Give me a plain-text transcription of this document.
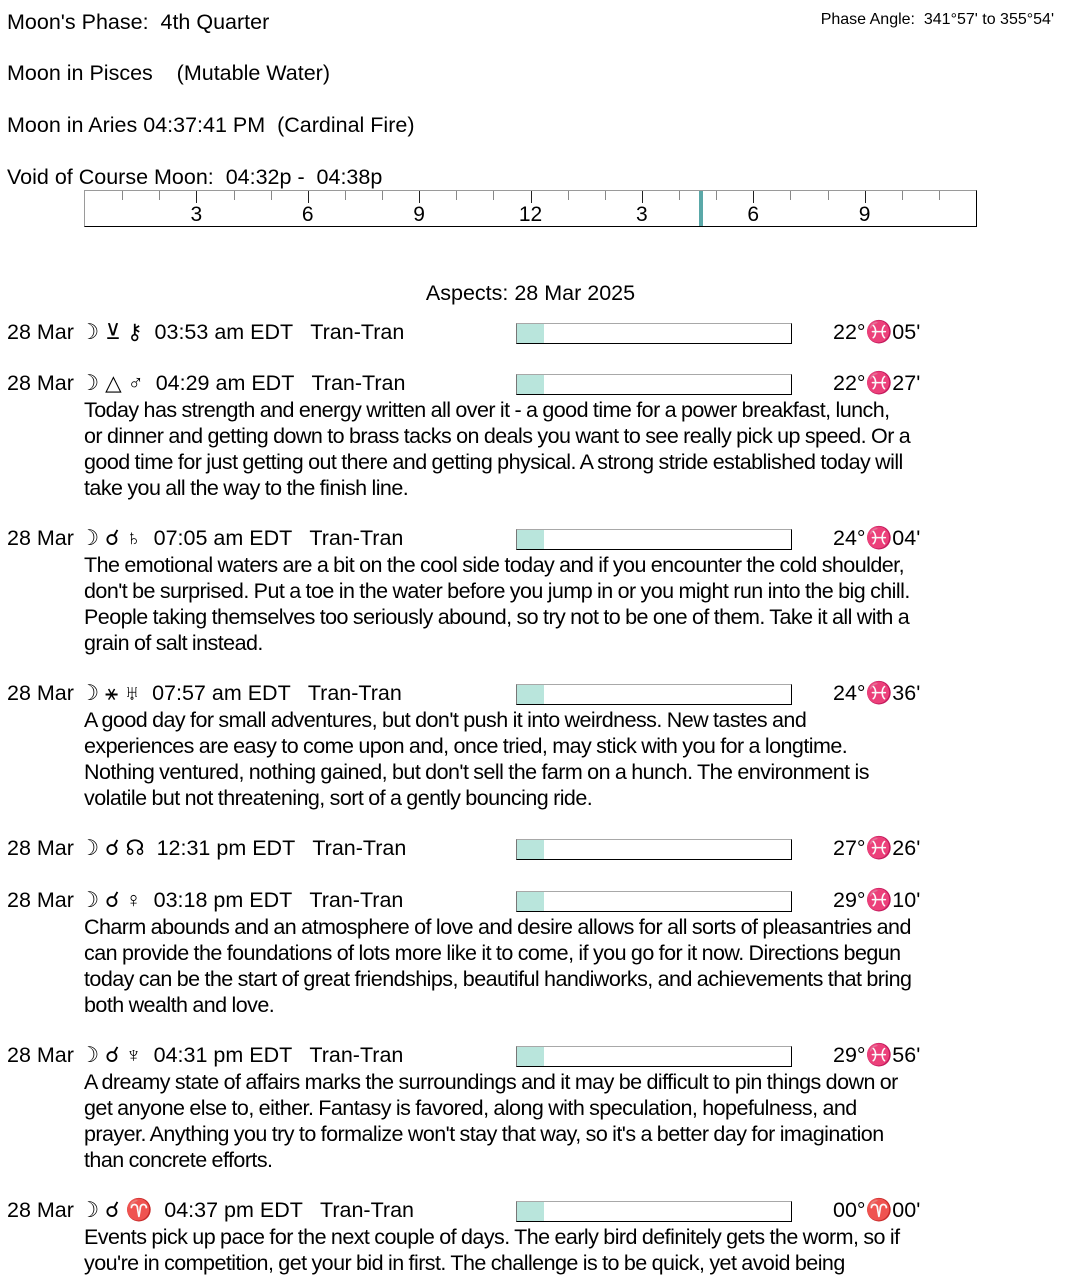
Moon's Phase:  4th Quarter	Phase Angle:  341°57' to 355°54'
Moon in Pisces    (Mutable Water)
Moon in Aries 04:37:41 PM  (Cardinal Fire)
Void of Course Moon:  04:32p -  04:38p
3	6	9	12	3	6	9
Aspects: 28 Mar 2025
28 Mar ☽ ⊻ ⚷  03:53 am EDT   Tran-Tran	22°♓05'
28 Mar ☽ △ ♂  04:29 am EDT   Tran-Tran	22°♓27'
Today has strength and energy written all over it - a good time for a power breakfast, lunch,
or dinner and getting down to brass tacks on deals you want to see really pick up speed. Or a
good time for just getting out there and getting physical. A strong stride established today will
take you all the way to the finish line.
28 Mar ☽ ☌ ♄  07:05 am EDT   Tran-Tran	24°♓04'
The emotional waters are a bit on the cool side today and if you encounter the cold shoulder,
don't be surprised. Put a toe in the water before you jump in or you might run into the big chill.
People taking themselves too seriously abound, so try not to be one of them. Take it all with a
grain of salt instead.
28 Mar ☽ ⚹ ♅  07:57 am EDT   Tran-Tran	24°♓36'
A good day for small adventures, but don't push it into weirdness. New tastes and
experiences are easy to come upon and, once tried, may stick with you for a longtime.
Nothing ventured, nothing gained, but don't sell the farm on a hunch. The environment is
volatile but not threatening, sort of a gently bouncing ride.
28 Mar ☽ ☌ ☊  12:31 pm EDT   Tran-Tran	27°♓26'
28 Mar ☽ ☌ ♀  03:18 pm EDT   Tran-Tran	29°♓10'
Charm abounds and an atmosphere of love and desire allows for all sorts of pleasantries and
can provide the foundations of lots more like it to come, if you go for it now. Directions begun
today can be the start of great friendships, beautiful handiworks, and achievements that bring
both wealth and love.
28 Mar ☽ ☌ ♆  04:31 pm EDT   Tran-Tran	29°♓56'
A dreamy state of affairs marks the surroundings and it may be difficult to pin things down or
get anyone else to, either. Fantasy is favored, along with speculation, hopefulness, and
prayer. Anything you try to formalize won't stay that way, so it's a better day for imagination
than concrete efforts.
28 Mar ☽ ☌ ♈  04:37 pm EDT   Tran-Tran	00°♈00'
Events pick up pace for the next couple of days. The early bird definitely gets the worm, so if
you're in competition, get your bid in first. The challenge is to be quick, yet avoid being
